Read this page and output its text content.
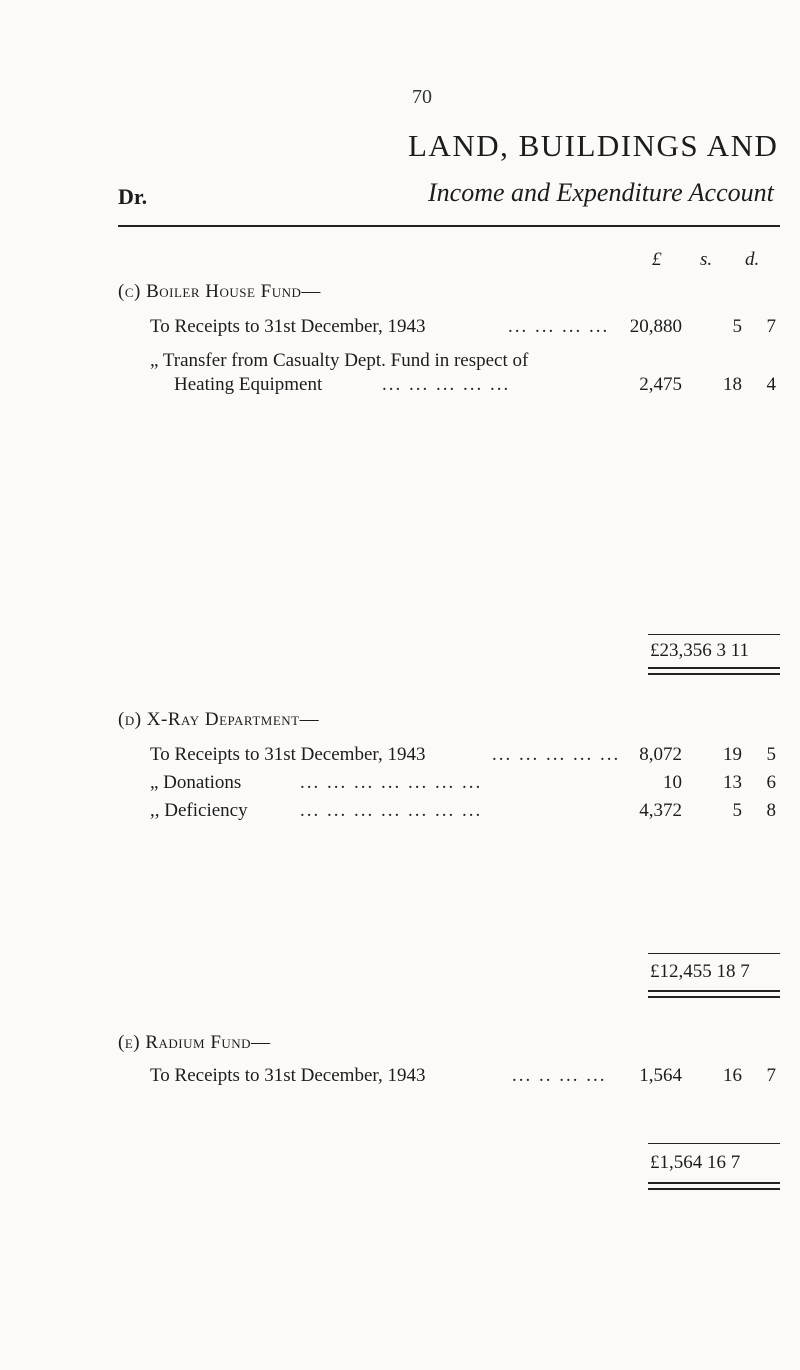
70
LAND, BUILDINGS AND
Dr.	Income and Expenditure Account
£ s. d.
(c) Boiler House Fund—
To Receipts to 31st December, 1943	... ... ... ... 20,880	5 7
„ Transfer from Casualty Dept. Fund in respect of
Heating Equipment	... ... ... ... ...	2,475 18 4
£23,356 3 11
(d) X-Ray Department—
To Receipts to 31st December, 1943	... ... ... ... ... 8,072 19 5
„ Donations	... ... ... ... ... ... ...	10 13 6
,, Deficiency	... ... ... ... ... ... ...	4,372	5 8
£12,455 18 7
(e) Radium Fund—
To Receipts to 31st December, 1943	... .. ... ... 1,564 16 7
£1,564 16 7
